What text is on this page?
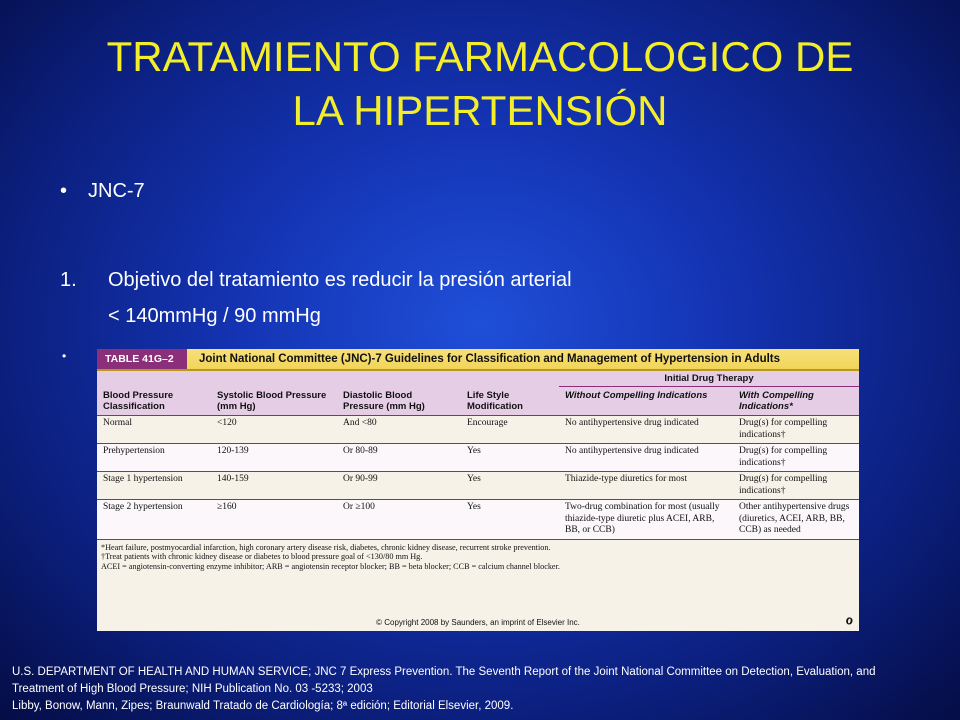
TRATAMIENTO FARMACOLOGICO DE
LA HIPERTENSIÓN
• JNC-7
1. Objetivo del tratamiento es reducir la presión arterial
< 140mmHg / 90 mmHg
•	TABLE 41G–2	Joint National Committee (JNC)-7 Guidelines for Classification and Management of Hypertension in Adults
				Initial Drug Therapy	
Blood Pressure Classification	Systolic Blood Pressure (mm Hg)	Diastolic Blood Pressure (mm Hg)	Life Style Modification	Without Compelling Indications	With Compelling Indications*
Normal	<120	And <80	Encourage	No antihypertensive drug indicated	Drug(s) for compelling indications†
Prehypertension	120-139	Or 80-89	Yes	No antihypertensive drug indicated	Drug(s) for compelling indications†
Stage 1 hypertension	140-159	Or 90-99	Yes	Thiazide-type diuretics for most	Drug(s) for compelling indications†
Stage 2 hypertension	≥160	Or ≥100	Yes	Two-drug combination for most (usually thiazide-type diuretic plus ACEI, ARB, BB, or CCB)	Other antihypertensive drugs (diuretics, ACEI, ARB, BB, CCB) as needed
*Heart failure, postmyocardial infarction, high coronary artery disease risk, diabetes, chronic kidney disease, recurrent stroke prevention.
†Treat patients with chronic kidney disease or diabetes to blood pressure goal of <130/80 mm Hg.
ACEI = angiotensin-converting enzyme inhibitor; ARB = angiotensin receptor blocker; BB = beta blocker; CCB = calcium channel blocker.
© Copyright 2008 by Saunders, an imprint of Elsevier Inc.	ℴ
U.S. DEPARTMENT OF HEALTH AND HUMAN SERVICE; JNC 7 Express Prevention. The Seventh Report of the Joint National Committee on Detection, Evaluation, and
Treatment of High Blood Pressure; NIH Publication No. 03 -5233; 2003
Libby, Bonow, Mann, Zipes; Braunwald Tratado de Cardiología; 8ª edición; Editorial Elsevier, 2009.
